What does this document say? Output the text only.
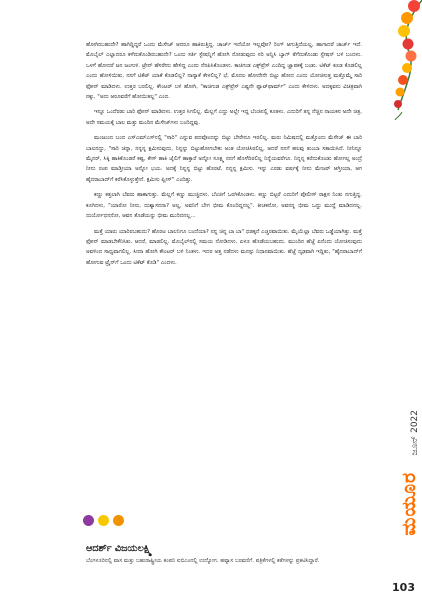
ಮಯೂರ
ಜೂನ್ 2022

ಹೋಗಿರಬಹುದೇ? ಹಾಗಿದ್ದಿದ್ದರೆ ಒಂದು ಮೆಸೇಜ್ ಆದರೂ ಹಾಕಿರುತ್ತಿದ್ದ. ಚಾರ್ಜ್ ಇದೆಯೋ ಇಲ್ಲವೋ? ರಿಂಗ್ ಆಗುತ್ತಿದೆಯಲ್ಲ, ಹಾಗಾದರೆ ಚಾರ್ಜ್ ಇದೆ. ಮೊಬೈಲ್ ಎಲ್ಲಾದರೂ ಕಳೆದುಕೊಂಡಿರಬಹುದೇ? ಒಂದು ಸರ್ತಿ ಸ್ಟೇಷನ್ನಿಗೆ ಹೋಗಿ ನೋಡುವುದು ಸರಿ ಅನ್ನಿಸಿ ಬ್ಯಾಗ್ ತೆಗೆದುಕೊಂಡು ಸ್ಟೇಷನ್ ಬಳಿ ಬಂದಳು. ಒಳಗೆ ಹೋದರೆ ಜನ ಜಂಗುಳಿ. ಟ್ರೇನ್ ಹೆಸರೇನು ಹೇಳಿದ್ದ ಎಂದು ನೆನಪಿಸಿಕೊಂಡಳು. ಕಾಚಿಗುಡ ಎಕ್ಸ್‌ಪ್ರೆಸ್ ಎಂದಿದ್ದ ಜ್ಞಾಪಕಕ್ಕೆ ಬಂತು. ಟಿಕೆಟ್ ಕೂಡ ಕೊಡಲಿಲ್ಲ ಎಂದು ಹೋಳಿಯಿತು, ನನಗೆ ಟಿಕೆಟ್ ಯಾಕೆ ಕೊಡಲಿಲ್ಲ? ನಾನ್ಯಾಕೆ ಕೇಳಲಿಲ್ಲ? ಛೆ, ಮೊದಲ ಹೋದೇನೇ ಬಿಟ್ಟು ಹೋದ ಎಂದು ಯೋಚಿಸುತ್ತ ಮತ್ತೊಮ್ಮೆ ಸಾರಿ ಫೋನ್ ಮಾಡಿದಳು. ಉತ್ತರ ಬರಲಿಲ್ಲ. ಕೌಂಟರ್ ಬಳಿ ಹೋಗಿ, "ಕಾಚಿಗುಡ ಎಕ್ಸ್‌ಪ್ರೆಸ್ ಎಷ್ಟನೇ ಪ್ಲಾಟ್‌ಫಾರ್ಮ್" ಎಂದು ಕೇಳಿದಳು. ಅದಕ್ಕವನು ವಿಚಿತ್ರವಾಗಿ ನಕ್ಕು, "ಅದು ಆರೂವರೆಗೆ ಹೋಯಿತಲ್ಲ" ಎಂದ.

ಇನ್ನೂ ಒಂದೆರಡು ಬಾರಿ ಫೋನ್ ಮಾಡಿದಳು. ಉತ್ತರ ಸಿಗಲಿಲ್ಲ. ಮೆಲ್ಲಗೆ ಎದ್ದು ಅಲ್ಲೇ ಇದ್ದ ಬೆಂಚಿನಲ್ಲಿ ಕೂತಳು. ಎದುರಿಗೆ ತನ್ನ ನೆಚ್ಚಿನ ನಾಯಕನ ಅದೇ ಚಿತ್ರ, ಅದೇ ಸಮಯಕ್ಕೆ ಬಾಲ ಮತ್ತು ಮಂದಿನ ಮೆಸೇಜ್‌ಗಳು ಬಂದಿದ್ದವು.

ಮಂಜುಂದ ಬಂದ ಎಸ್‌ಎಮ್‌ಎಸ್‌ನಲ್ಲಿ "ಸಾರಿ" ಎನ್ನುವ ಪದವೊಂದನ್ನು ಬಿಟ್ಟು ಬೇರೇನೂ ಇರಲಿಲ್ಲ. ಮರು ನಿಮಿಷದಲ್ಲಿ ಮತ್ತೊಂದು ಮೆಸೇಜ್ ಈ ಬಾರಿ ಬಾಲನದ್ದು, "ಸಾರಿ ಚಿನ್ನಾ, ನನ್ನನ್ನ ಕ್ಷಮಿಸುವುದು, ನಿನ್ನನ್ನು ಬಿಟ್ಟುಹೋಗಬೇಕು ಅಂತ ಯೋಚಿಸಿರಲಿಲ್ಲ, ಆದರೆ ನನಗೆ ಹಲವು ತುಂಬಾ ಸತಾಯಿಸಿದೆ. ನೀನಿನ್ನೂ ಮೈನರ್, ಸಿಕ್ಕಿ ಹಾಕಿಕೊಂಡರೆ ಕಷ್ಟ, ಕೇಸ್ ಹಾಕಿ ಜೈಲಿಗೆ ಹಾಕ್ತಾರೆ ಅನ್ನೋ ಸೂಕ್ಷ್ಮ ನನಗೆ ಹೊಳೆದಿರಲಿಲ್ಲ ನಿನ್ನೆಯವರೆಗೂ. ನಿನ್ನನ್ನ ಕರೆದುಕೊಂಡು ಹೋಗಲ್ಲ ಅಂದ್ರೆ ನೀನು ರಂಪ ಮಾಡ್ತೀಯಾ ಅನ್ನೋ ಭಯ. ಅದಕ್ಕೆ ನಿನ್ನನ್ನ ಬಿಟ್ಟು ಹೊರಟೆ. ನನ್ನನ್ನ ಕ್ಷಮಿಸು. ಇನ್ನು ಎರಡು ವರ್ಷಕ್ಕೆ ನೀನು ಮೇಜರ್ ಆಗ್ತೀಯಾ, ಆಗ ಹೈದರಾಬಾದ್‌ಗೆ ಕರೆಸಿಕೊಳ್ಳುತ್ತೇನೆ. ಕ್ಷಮಿಸು ಪ್ಲೀಸ್" ಎಂದಿತ್ತು.

ಕಣ್ಣು ಕತ್ತಲಾಗಿ ಬೆವರು ಹಾಕಾಗುತ್ತು. ಮೆಲ್ಲಗೆ ಕಣ್ಣು ಮುಚ್ಚಿದಳು. ಬೆಂಚಿಗೆ ಒರಗಿಕೊಂಡಳು. ಕಣ್ಣು ಬಿಟ್ಟರೆ ಎದುರಿಗೆ ಪೊಲೀಸ್ ರಾಕ್ಷಸ ನಿಂತು ನಗುತ್ತಿದ್ದ. ಕೂಗಿದಳು, "ಯಾರೋ ನೀನು, ದುಶ್ಯಾಸನನಾ? ಅಲ್ಲ, ಅವನಿಗೆ ಬೇಗ ಭೀಮ ಕೊಂದಿದ್ದನಲ್ಲ". ಕೀಚಕನೋ, ಅವನನ್ನ ಭೀಮ ಒದ್ದು ಮುದ್ದೆ ಮಾಡಿದನಲ್ಲ. ದುರ್ಯೋಧನನೋ, ಆವನ ತೊಡೆಯನ್ನು ಭೀಮ ಮುರಿದನಲ್ಲ...

ಮತ್ತೆ ಯಾರು ಯಾರಿರಬಹುದು? ಹೊರಟ ಬಾಲನಿಗೂ ಬಂದೆಯಾ? ನನ್ನ ಚಿನ್ನ ಬಾ ಬಾ" ಧಡಕ್ಕನೆ ಎಚ್ಚರವಾಯಿತು. ಮೈಯೆಲ್ಲಾ ಬೆವರು ಒಡ್ಡೆಯಾಗಿತ್ತು. ಮತ್ತೆ ಫೋನ್ ಮಾಡಬೇಕೆನಿಸಿತು. ಆದರೆ, ಮಾಡಲಿಲ್ಲ. ಮೊಬೈಲ್‌ನಲ್ಲಿ ಸಮಯ ನೋಡಿದಳು. ಏಳೂ ಹೊಡೆಯಬಹುದು. ಮುಂದಿನ ಹೆಜ್ಜೆ ಏನೆಂದು ಯೋಚಿಸುವುದು ಅವಳಿಂದ ಸಾಧ್ಯವಾಗಲಿಲ್ಲ. ಸೀದಾ ಹೋಗಿ ಕೌಂಟರ್ ಬಳಿ ನಿಂತಳು. ಇದರ ಅತ್ತ ನಡೆದಳು ಮನಸ್ಸು ನಿಧಾನವಾಯಿತು. ಹೆಜ್ಜೆ ದೃಢವಾಗಿ ಇದ್ದಿತು, "ಹೈದರಾಬಾದ್‌ಗೆ ಹೋಗುವ ಟ್ರೈನ್‌ಗೆ ಒಂದು ಟಿಕೆಟ್ ಕೊಡಿ" ಎಂದಳು.

ಆದರ್ಶ್ ವಿಜಯಲಕ್ಷ್ಮಿ

ಬೆಂಗಳೂರಿನಲ್ಲಿ ವಾಸ ಮತ್ತು ಬಹುರಾಷ್ಟ್ರೀಯ ಕಂಪನಿ ಐಬಿಎಂನಲ್ಲಿ ಉದ್ಯೋಗ. ಹವ್ಯಾಸ ಬರವಣಿಗೆ. ಪತ್ರಿಕೆಗಳಲ್ಲಿ ಕತೆಗಳನ್ನು ಪ್ರಕಟಿಸಿದ್ದಾರೆ.

103
